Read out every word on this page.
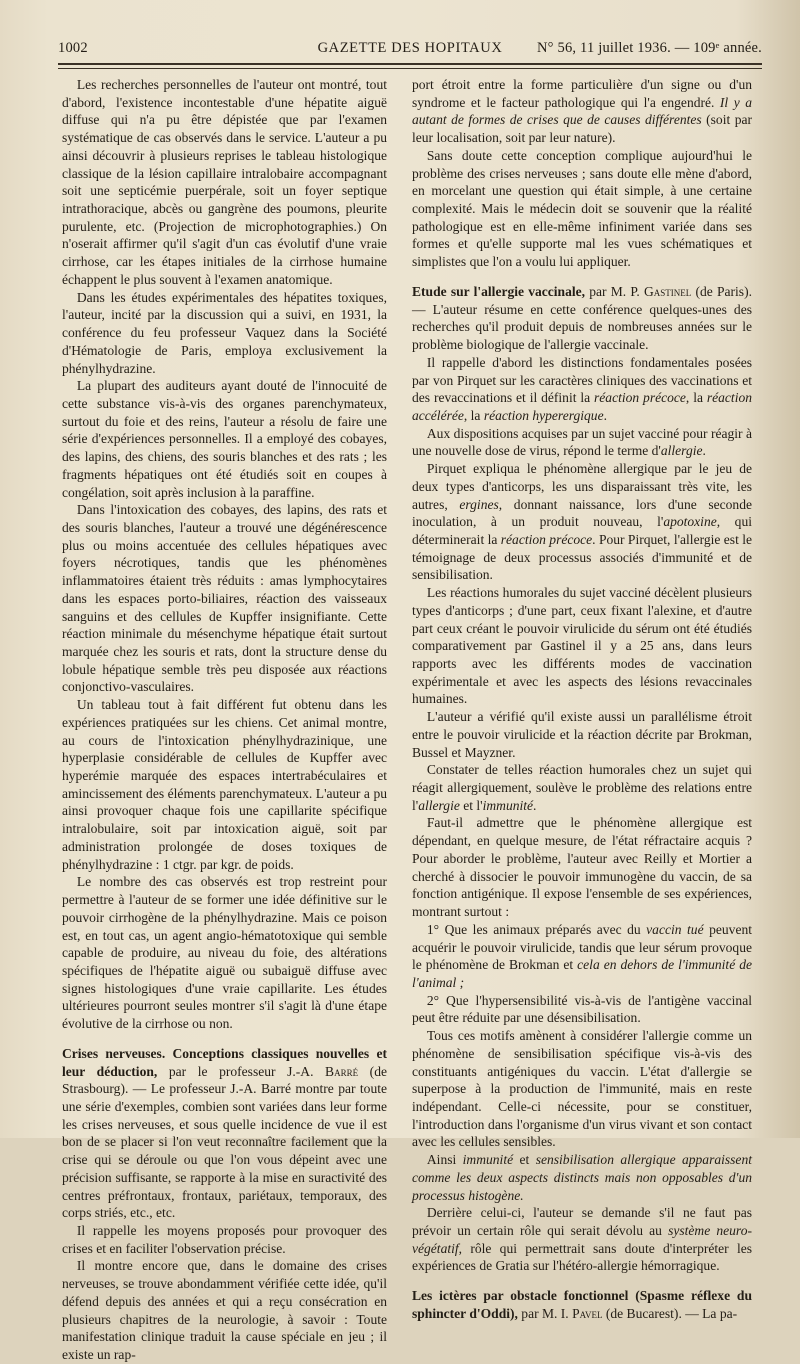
1002	GAZETTE DES HOPITAUX	N° 56, 11 juillet 1936. — 109ᵉ année.

Les recherches personnelles de l'auteur ont montré, tout d'abord, l'existence incontestable d'une hépatite aiguë diffuse qui n'a pu être dépistée que par l'examen systématique de cas observés dans le service. L'auteur a pu ainsi découvrir à plusieurs reprises le tableau histologique classique de la lésion capillaire intralobaire accompagnant soit une septicémie puerpérale, soit un foyer septique intrathoracique, abcès ou gangrène des poumons, pleurite purulente, etc. (Projection de microphotographies.) On n'oserait affirmer qu'il s'agit d'un cas évolutif d'une vraie cirrhose, car les étapes initiales de la cirrhose humaine échappent le plus souvent à l'examen anatomique.

Dans les études expérimentales des hépatites toxiques, l'auteur, incité par la discussion qui a suivi, en 1931, la conférence du feu professeur Vaquez dans la Société d'Hématologie de Paris, employa exclusivement la phénylhydrazine.

La plupart des auditeurs ayant douté de l'innocuité de cette substance vis-à-vis des organes parenchymateux, surtout du foie et des reins, l'auteur a résolu de faire une série d'expériences personnelles. Il a employé des cobayes, des lapins, des chiens, des souris blanches et des rats ; les fragments hépatiques ont été étudiés soit en coupes à congélation, soit après inclusion à la paraffine.

Dans l'intoxication des cobayes, des lapins, des rats et des souris blanches, l'auteur a trouvé une dégénérescence plus ou moins accentuée des cellules hépatiques avec foyers nécrotiques, tandis que les phénomènes inflammatoires étaient très réduits : amas lymphocytaires dans les espaces porto-biliaires, réaction des vaisseaux sanguins et des cellules de Kupffer insignifiante. Cette réaction minimale du mésenchyme hépatique était surtout marquée chez les souris et rats, dont la structure dense du lobule hépatique semble très peu disposée aux réactions conjonctivo-vasculaires.

Un tableau tout à fait différent fut obtenu dans les expériences pratiquées sur les chiens. Cet animal montre, au cours de l'intoxication phénylhydrazinique, une hyperplasie considérable de cellules de Kupffer avec hyperémie marquée des espaces intertrabéculaires et amincissement des éléments parenchymateux. L'auteur a pu ainsi provoquer chaque fois une capillarite spécifique intralobulaire, soit par intoxication aiguë, soit par administration prolongée de doses toxiques de phénylhydrazine : 1 ctgr. par kgr. de poids.

Le nombre des cas observés est trop restreint pour permettre à l'auteur de se former une idée définitive sur le pouvoir cirrhogène de la phénylhydrazine. Mais ce poison est, en tout cas, un agent angio-hématotoxique qui semble capable de produire, au niveau du foie, des altérations spécifiques de l'hépatite aiguë ou subaiguë diffuse avec signes histologiques d'une vraie capillarite. Les études ultérieures pourront seules montrer s'il s'agit là d'une étape évolutive de la cirrhose ou non.

Crises nerveuses. Conceptions classiques nouvelles et leur déduction, par le professeur J.-A. Barré (de Strasbourg). — Le professeur J.-A. Barré montre par toute une série d'exemples, combien sont variées dans leur forme les crises nerveuses, et sous quelle incidence de vue il est bon de se placer si l'on veut reconnaître facilement que la crise qui se déroule ou que l'on vous dépeint avec une précision suffisante, se rapporte à la mise en suractivité des centres préfrontaux, frontaux, pariétaux, temporaux, des corps striés, etc., etc.

Il rappelle les moyens proposés pour provoquer des crises et en faciliter l'observation précise.

Il montre encore que, dans le domaine des crises nerveuses, se trouve abondamment vérifiée cette idée, qu'il défend depuis des années et qui a reçu consécration en plusieurs chapitres de la neurologie, à savoir : Toute manifestation clinique traduit la cause spéciale en jeu ; il existe un rap-

port étroit entre la forme particulière d'un signe ou d'un syndrome et le facteur pathologique qui l'a engendré. Il y a autant de formes de crises que de causes différentes (soit par leur localisation, soit par leur nature).

Sans doute cette conception complique aujourd'hui le problème des crises nerveuses ; sans doute elle mène d'abord, en morcelant une question qui était simple, à une certaine complexité. Mais le médecin doit se souvenir que la réalité pathologique est en elle-même infiniment variée dans ses formes et qu'elle supporte mal les vues schématiques et simplistes que l'on a voulu lui appliquer.

Etude sur l'allergie vaccinale, par M. P. Gastinel (de Paris). — L'auteur résume en cette conférence quelques-unes des recherches qu'il produit depuis de nombreuses années sur le problème biologique de l'allergie vaccinale.

Il rappelle d'abord les distinctions fondamentales posées par von Pirquet sur les caractères cliniques des vaccinations et des revaccinations et il définit la réaction précoce, la réaction accélérée, la réaction hyperergique.

Aux dispositions acquises par un sujet vacciné pour réagir à une nouvelle dose de virus, répond le terme d'allergie.

Pirquet expliqua le phénomène allergique par le jeu de deux types d'anticorps, les uns disparaissant très vite, les autres, ergines, donnant naissance, lors d'une seconde inoculation, à un produit nouveau, l'apotoxine, qui déterminerait la réaction précoce. Pour Pirquet, l'allergie est le témoignage de deux processus associés d'immunité et de sensibilisation.

Les réactions humorales du sujet vacciné décèlent plusieurs types d'anticorps ; d'une part, ceux fixant l'alexine, et d'autre part ceux créant le pouvoir virulicide du sérum ont été étudiés comparativement par Gastinel il y a 25 ans, dans leurs rapports avec les différents modes de vaccination expérimentale et avec les aspects des lésions revaccinales humaines.

L'auteur a vérifié qu'il existe aussi un parallélisme étroit entre le pouvoir virulicide et la réaction décrite par Brokman, Bussel et Mayzner.

Constater de telles réaction humorales chez un sujet qui réagit allergiquement, soulève le problème des relations entre l'allergie et l'immunité.

Faut-il admettre que le phénomène allergique est dépendant, en quelque mesure, de l'état réfractaire acquis ? Pour aborder le problème, l'auteur avec Reilly et Mortier a cherché à dissocier le pouvoir immunogène du vaccin, de sa fonction antigénique. Il expose l'ensemble de ses expériences, montrant surtout :

1° Que les animaux préparés avec du vaccin tué peuvent acquérir le pouvoir virulicide, tandis que leur sérum provoque le phénomène de Brokman et cela en dehors de l'immunité de l'animal ;

2° Que l'hypersensibilité vis-à-vis de l'antigène vaccinal peut être réduite par une désensibilisation.

Tous ces motifs amènent à considérer l'allergie comme un phénomène de sensibilisation spécifique vis-à-vis des constituants antigéniques du vaccin. L'état d'allergie se superpose à la production de l'immunité, mais en reste indépendant. Celle-ci nécessite, pour se constituer, l'introduction dans l'organisme d'un virus vivant et son contact avec les cellules sensibles.

Ainsi immunité et sensibilisation allergique apparaissent comme les deux aspects distincts mais non opposables d'un processus histogène.

Derrière celui-ci, l'auteur se demande s'il ne faut pas prévoir un certain rôle qui serait dévolu au système neuro-végétatif, rôle qui permettrait sans doute d'interpréter les expériences de Gratia sur l'hétéro-allergie hémorragique.

Les ictères par obstacle fonctionnel (Spasme réflexe du sphincter d'Oddi), par M. I. Pavel (de Bucarest). — La pa-
